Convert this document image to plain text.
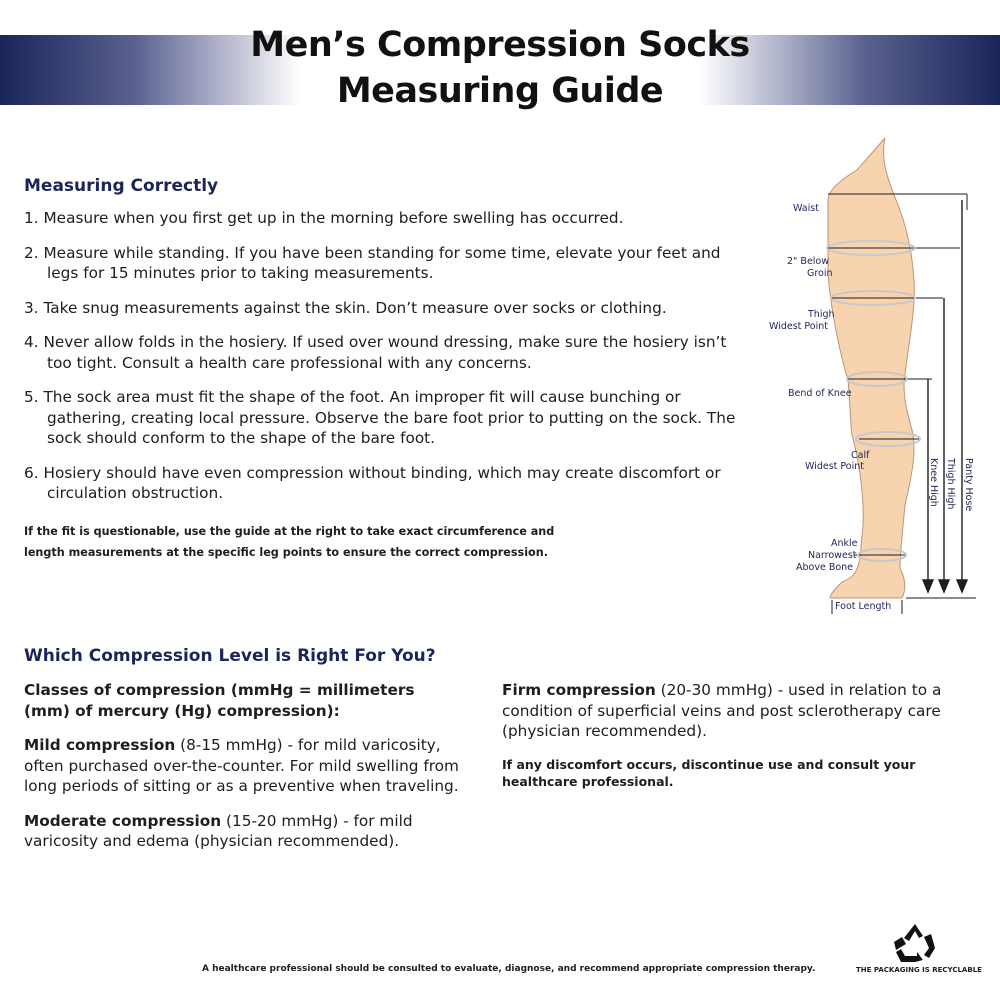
Men’s Compression Socks
Measuring Guide
Measuring Correctly
1. Measure when you first get up in the morning before swelling has occurred.
2. Measure while standing. If you have been standing for some time, elevate your feet and legs for 15 minutes prior to taking measurements.
3. Take snug measurements against the skin. Don’t measure over socks or clothing.
4. Never allow folds in the hosiery. If used over wound dressing, make sure the hosiery isn’t too tight. Consult a health care professional with any concerns.
5. The sock area must fit the shape of the foot. An improper fit will cause bunching or gathering, creating local pressure. Observe the bare foot prior to putting on the sock. The sock should conform to the shape of the bare foot.
6. Hosiery should have even compression without binding, which may create discomfort or circulation obstruction.
If the fit is questionable, use the guide at the right to take exact circumference and length measurements at the specific leg points to ensure the correct compression.
Waist
2" Below
Groin
Thigh
Widest Point
Bend of Knee
Calf
Widest Point
Ankle
Narrowest
Above Bone
Foot Length
Knee High Thigh High Panty Hose
Which Compression Level is Right For You?

Classes of compression (mmHg = millimeters (mm) of mercury (Hg) compression):

Mild compression (8-15 mmHg) - for mild varicosity, often purchased over-the-counter. For mild swelling from long periods of sitting or as a preventive when traveling.

Moderate compression (15-20 mmHg) - for mild varicosity and edema (physician recommended).

Firm compression (20-30 mmHg) - used in relation to a condition of superficial veins and post sclerotherapy care (physician recommended).

If any discomfort occurs, discontinue use and consult your healthcare professional.

THE PACKAGING IS RECYCLABLE
A healthcare professional should be consulted to evaluate, diagnose, and recommend appropriate compression therapy.
